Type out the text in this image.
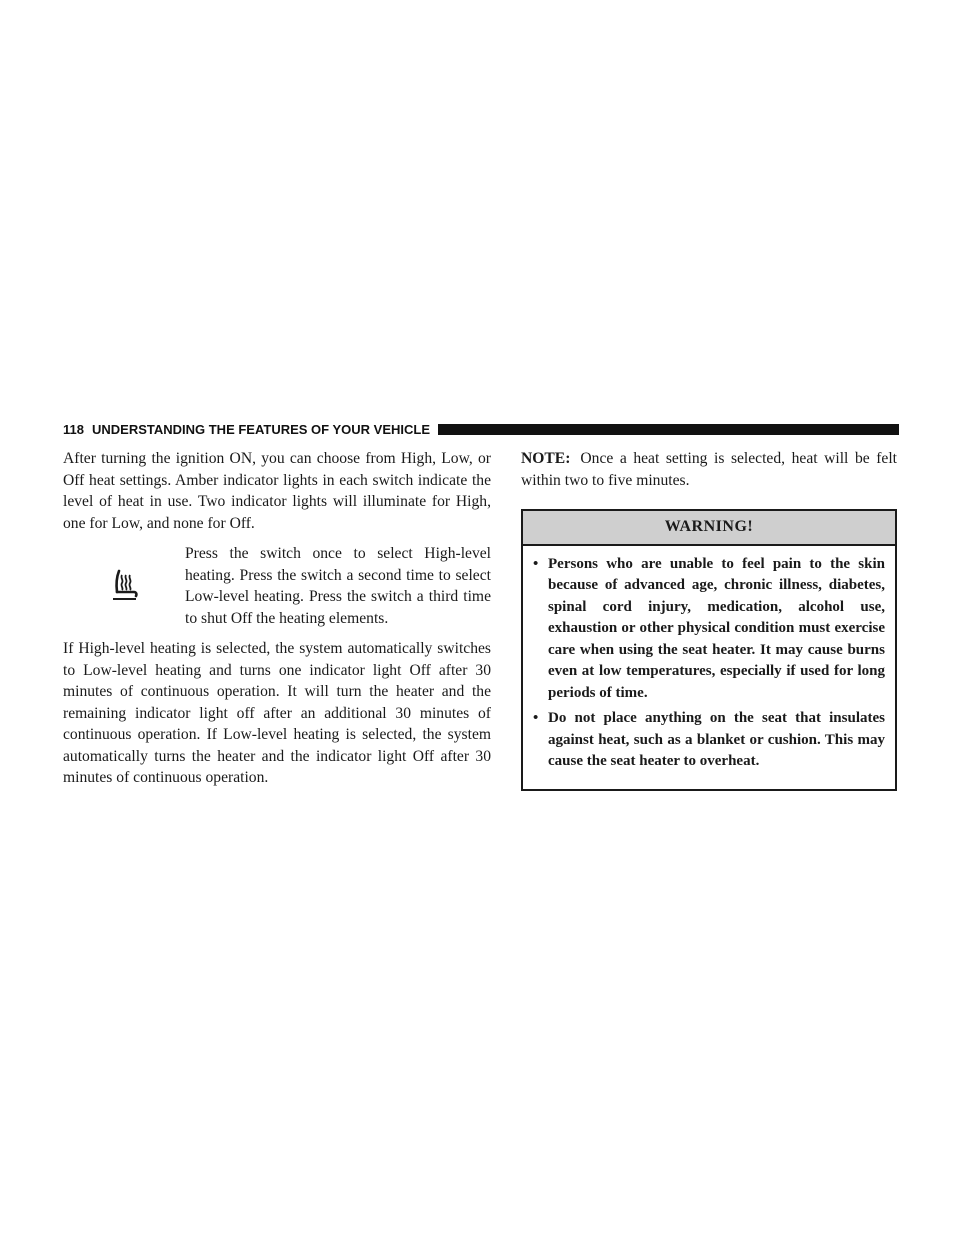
118 UNDERSTANDING THE FEATURES OF YOUR VEHICLE

After turning the ignition ON, you can choose from High, Low, or Off heat settings. Amber indicator lights in each switch indicate the level of heat in use. Two indicator lights will illuminate for High, one for Low, and none for Off.

Press the switch once to select High-level heating. Press the switch a second time to select Low-level heating. Press the switch a third time to shut Off the heating elements.

If High-level heating is selected, the system automatically switches to Low-level heating and turns one indicator light Off after 30 minutes of continuous operation. It will turn the heater and the remaining indicator light off after an additional 30 minutes of continuous operation. If Low-level heating is selected, the system automatically turns the heater and the indicator light Off after 30 minutes of continuous operation.

NOTE: Once a heat setting is selected, heat will be felt within two to five minutes.

WARNING!
• Persons who are unable to feel pain to the skin because of advanced age, chronic illness, diabetes, spinal cord injury, medication, alcohol use, exhaustion or other physical condition must exercise care when using the seat heater. It may cause burns even at low temperatures, especially if used for long periods of time.
• Do not place anything on the seat that insulates against heat, such as a blanket or cushion. This may cause the seat heater to overheat.
